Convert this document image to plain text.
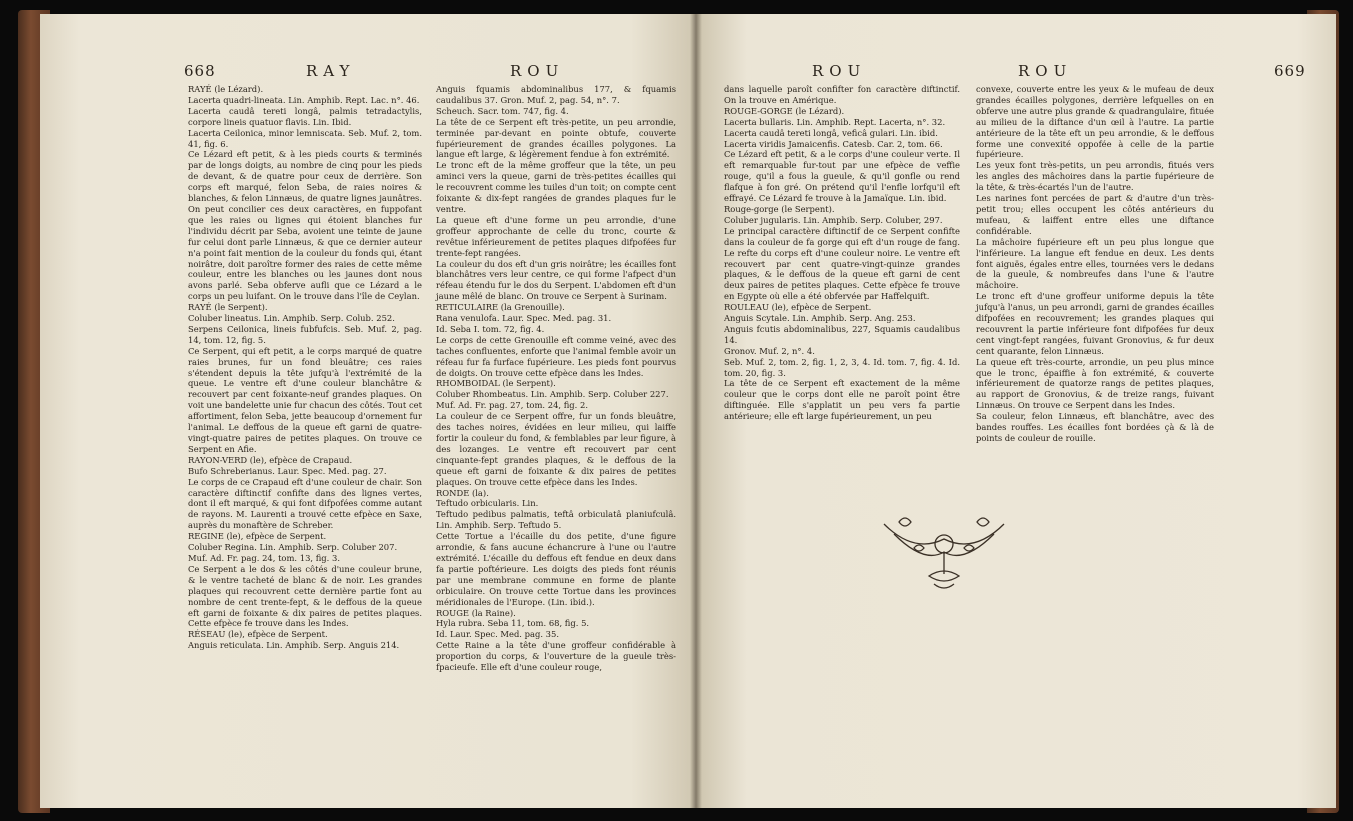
668	RAY	ROU

RAYÉ (le Lézard).

Lacerta quadri-lineata. Lin. Amphib. Rept. Lac. n°. 46.

Lacerta caudâ tereti longâ, palmis tetradactylis, corpore lineis quatuor flavis. Lin. Ibid.

Lacerta Ceilonica, minor lemniscata. Seb. Muf. 2, tom. 41, fig. 6.

Ce Lézard eft petit, & à les pieds courts & terminés par de longs doigts, au nombre de cinq pour les pieds de devant, & de quatre pour ceux de derrière. Son corps eft marqué, felon Seba, de raies noires & blanches, & felon Linnæus, de quatre lignes jaunâtres. On peut concilier ces deux caractères, en fuppofant que les raies ou lignes qui étoient blanches fur l'individu décrit par Seba, avoient une teinte de jaune fur celui dont parle Linnæus, & que ce dernier auteur n'a point fait mention de la couleur du fonds qui, étant noirâtre, doit paroître former des raies de cette même couleur, entre les blanches ou les jaunes dont nous avons parlé. Seba obferve aufli que ce Lézard a le corps un peu luifant. On le trouve dans l'île de Ceylan.

RAYÉ (le Serpent).

Coluber lineatus. Lin. Amphib. Serp. Colub. 252.

Serpens Ceilonica, lineis fubfufcis. Seb. Muf. 2, pag. 14, tom. 12, fig. 5.

Ce Serpent, qui eft petit, a le corps marqué de quatre raies brunes, fur un fond bleuâtre; ces raies s'étendent depuis la tête jufqu'à l'extrémité de la queue. Le ventre eft d'une couleur blanchâtre & recouvert par cent foixante-neuf grandes plaques. On voit une bandelette unie fur chacun des côtés. Tout cet affortiment, felon Seba, jette beaucoup d'ornement fur l'animal. Le deffous de la queue eft garni de quatre-vingt-quatre paires de petites plaques. On trouve ce Serpent en Afie.

RAYON-VERD (le), efpèce de Crapaud.

Bufo Schreberianus. Laur. Spec. Med. pag. 27.

Le corps de ce Crapaud eft d'une couleur de chair. Son caractère diftinctif confifte dans des lignes vertes, dont il eft marqué, & qui font difpofées comme autant de rayons. M. Laurenti a trouvé cette efpèce en Saxe, auprès du monaftère de Schreber.

REGINE (le), efpèce de Serpent.

Coluber Regina. Lin. Amphib. Serp. Coluber 207.

Muf. Ad. Fr. pag. 24, tom. 13, fig. 3.

Ce Serpent a le dos & les côtés d'une couleur brune, & le ventre tacheté de blanc & de noir. Les grandes plaques qui recouvrent cette dernière partie font au nombre de cent trente-fept, & le deffous de la queue eft garni de foixante & dix paires de petites plaques. Cette efpèce fe trouve dans les Indes.

RÉSEAU (le), efpèce de Serpent.

Anguis reticulata. Lin. Amphib. Serp. Anguis 214.

Anguis fquamis abdominalibus 177, & fquamis caudalibus 37. Gron. Muf. 2, pag. 54, n°. 7.

Scheuch. Sacr. tom. 747, fig. 4.

La tête de ce Serpent eft très-petite, un peu arrondie, terminée par-devant en pointe obtufe, couverte fupérieurement de grandes écailles polygones. La langue eft large, & légèrement fendue à fon extrémité.

Le tronc eft de la même groffeur que la tête, un peu aminci vers la queue, garni de très-petites écailles qui le recouvrent comme les tuiles d'un toit; on compte cent foixante & dix-fept rangées de grandes plaques fur le ventre.

La queue eft d'une forme un peu arrondie, d'une groffeur approchante de celle du tronc, courte & revêtue inférieurement de petites plaques difpofées fur trente-fept rangées.

La couleur du dos eft d'un gris noirâtre; les écailles font blanchâtres vers leur centre, ce qui forme l'afpect d'un réfeau étendu fur le dos du Serpent. L'abdomen eft d'un jaune mêlé de blanc. On trouve ce Serpent à Surinam.

RETICULAIRE (la Grenouille).

Rana venulofa. Laur. Spec. Med. pag. 31.

Id. Seba I. tom. 72, fig. 4.

Le corps de cette Grenouille eft comme veiné, avec des taches confluentes, enforte que l'animal femble avoir un réfeau fur fa furface fupérieure. Les pieds font pourvus de doigts. On trouve cette efpèce dans les Indes.

RHOMBOIDAL (le Serpent).

Coluber Rhombeatus. Lin. Amphib. Serp. Coluber 227.

Muf. Ad. Fr. pag. 27, tom. 24, fig. 2.

La couleur de ce Serpent offre, fur un fonds bleuâtre, des taches noires, évidées en leur milieu, qui laiffe fortir la couleur du fond, & femblables par leur figure, à des lozanges. Le ventre eft recouvert par cent cinquante-fept grandes plaques, & le deffous de la queue eft garni de foixante & dix paires de petites plaques. On trouve cette efpèce dans les Indes.

RONDE (la).

Teftudo orbicularis. Lin.

Teftudo pedibus palmatis, teftâ orbiculatâ planiufculâ. Lin. Amphib. Serp. Teftudo 5.

Cette Tortue a l'écaille du dos petite, d'une figure arrondie, & fans aucune échancrure à l'une ou l'autre extrémité. L'écaille du deffous eft fendue en deux dans fa partie poftérieure. Les doigts des pieds font réunis par une membrane commune en forme de plante orbiculaire. On trouve cette Tortue dans les provinces méridionales de l'Europe. (Lin. ibid.).

ROUGE (la Raine).

Hyla rubra. Seba 11, tom. 68, fig. 5.

Id. Laur. Spec. Med. pag. 35.

Cette Raine a la tête d'une groffeur confidérable à proportion du corps, & l'ouverture de la gueule très-fpacieufe. Elle eft d'une couleur rouge,

ROU	ROU	669

dans laquelle paroît confifter fon caractère diftinctif. On la trouve en Amérique.

ROUGE-GORGE (le Lézard).

Lacerta bullaris. Lin. Amphib. Rept. Lacerta, n°. 32.

Lacerta caudâ tereti longâ, veficâ gulari. Lin. ibid.

Lacerta viridis Jamaicenfis. Catesb. Car. 2, tom. 66.

Ce Lézard eft petit, & a le corps d'une couleur verte. Il eft remarquable fur-tout par une efpèce de veffie rouge, qu'il a fous la gueule, & qu'il gonfle ou rend flafque à fon gré. On prétend qu'il l'enfle lorfqu'il eft effrayé. Ce Lézard fe trouve à la Jamaïque. Lin. ibid.

Rouge-gorge (le Serpent).

Coluber jugularis. Lin. Amphib. Serp. Coluber, 297.

Le principal caractère diftinctif de ce Serpent confifte dans la couleur de fa gorge qui eft d'un rouge de fang. Le refte du corps eft d'une couleur noire. Le ventre eft recouvert par cent quatre-vingt-quinze grandes plaques, & le deffous de la queue eft garni de cent deux paires de petites plaques. Cette efpèce fe trouve en Egypte où elle a été obfervée par Haffelquift.

ROULEAU (le), efpèce de Serpent.

Anguis Scytale. Lin. Amphib. Serp. Ang. 253.

Anguis fcutis abdominalibus, 227, Squamis caudalibus 14.

Gronov. Muf. 2, n°. 4.

Seb. Muf. 2, tom. 2, fig. 1, 2, 3, 4. Id. tom. 7, fig. 4. Id. tom. 20, fig. 3.

La tête de ce Serpent eft exactement de la même couleur que le corps dont elle ne paroît point être diftinguée. Elle s'applatit un peu vers fa partie antérieure; elle eft large fupérieurement, un peu

convexe, couverte entre les yeux & le mufeau de deux grandes écailles polygones, derrière lefquelles on en obferve une autre plus grande & quadrangulaire, fituée au milieu de la diftance d'un œil à l'autre. La partie antérieure de la tête eft un peu arrondie, & le deffous forme une convexité oppofée à celle de la partie fupérieure.

Les yeux font très-petits, un peu arrondis, fitués vers les angles des mâchoires dans la partie fupérieure de la tête, & très-écartés l'un de l'autre.

Les narines font percées de part & d'autre d'un très-petit trou; elles occupent les côtés antérieurs du mufeau, & laiffent entre elles une diftance confidérable.

La mâchoire fupérieure eft un peu plus longue que l'inférieure. La langue eft fendue en deux. Les dents font aiguës, égales entre elles, tournées vers le dedans de la gueule, & nombreufes dans l'une & l'autre mâchoire.

Le tronc eft d'une groffeur uniforme depuis la tête jufqu'à l'anus, un peu arrondi, garni de grandes écailles difpofées en recouvrement; les grandes plaques qui recouvrent la partie inférieure font difpofées fur deux cent vingt-fept rangées, fuivant Gronovius, & fur deux cent quarante, felon Linnæus.

La queue eft très-courte, arrondie, un peu plus mince que le tronc, épaiffie à fon extrémité, & couverte inférieurement de quatorze rangs de petites plaques, au rapport de Gronovius, & de treize rangs, fuivant Linnæus. On trouve ce Serpent dans les Indes.

Sa couleur, felon Linnæus, eft blanchâtre, avec des bandes rouffes. Les écailles font bordées çà & là de points de couleur de rouille.
